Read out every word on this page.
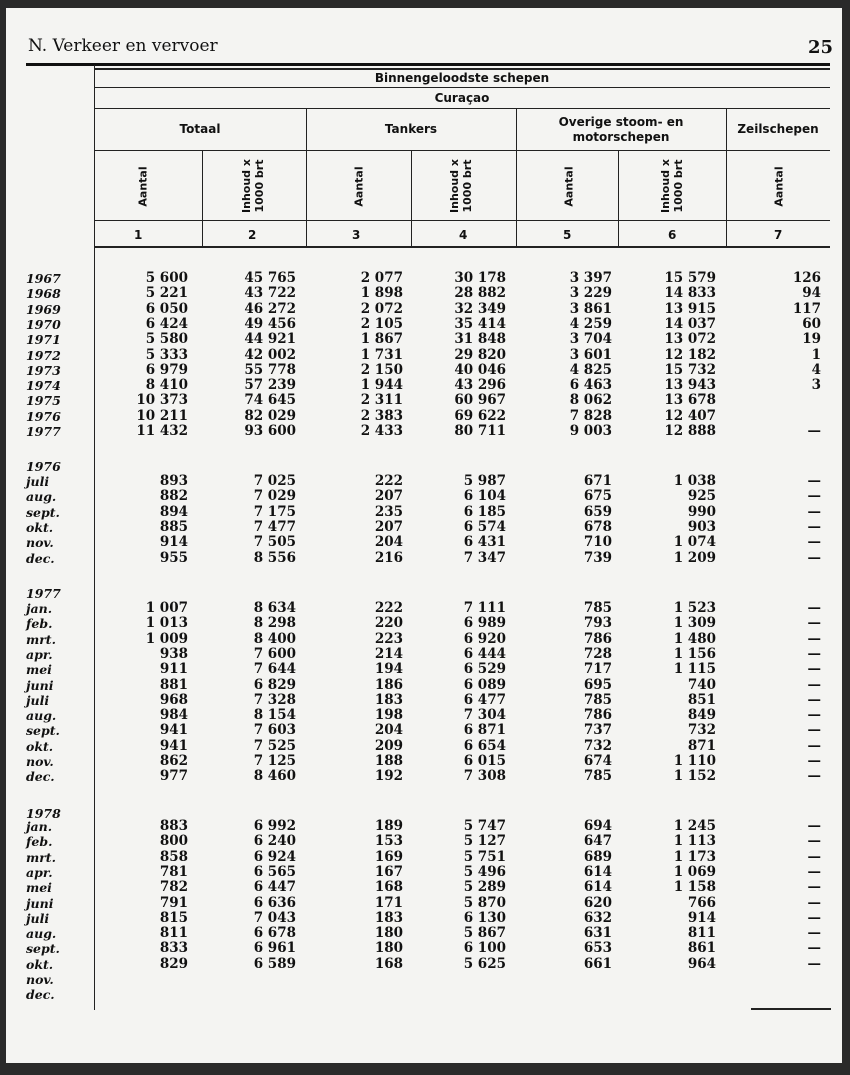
N. Verkeer en vervoer	25
Binnengeloodste schepen
Curaçao
Totaal	Tankers	Overige stoom- en motorschepen
Zeilschepen
Aantal	Inhoud x 1000 brt	Aantal	Inhoud x 1000 brt	Aantal	Inhoud x 1000 brt	Aantal
1	2	3	4	5	6	7
1967	5 600	45 765	2 077	30 178	3 397	15 579	126
1968	5 221	43 722	1 898	28 882	3 229	14 833	94
1969	6 050	46 272	2 072	32 349	3 861	13 915	117
1970	6 424	49 456	2 105	35 414	4 259	14 037	60
1971	5 580	44 921	1 867	31 848	3 704	13 072	19
1972	5 333	42 002	1 731	29 820	3 601	12 182	1
1973	6 979	55 778	2 150	40 046	4 825	15 732	4
1974	8 410	57 239	1 944	43 296	6 463	13 943	3
1975	10 373	74 645	2 311	60 967	8 062	13 678
1976	10 211	82 029	2 383	69 622	7 828	12 407
1977	11 432	93 600	2 433	80 711	9 003	12 888	—
1976
juli	893	7 025	222	5 987	671	1 038	—
aug.	882	7 029	207	6 104	675	925	—
sept.	894	7 175	235	6 185	659	990	—
okt.	885	7 477	207	6 574	678	903	—
nov.	914	7 505	204	6 431	710	1 074	—
dec.	955	8 556	216	7 347	739	1 209	—
1977
jan.	1 007	8 634	222	7 111	785	1 523	—
feb.	1 013	8 298	220	6 989	793	1 309	—
mrt.	1 009	8 400	223	6 920	786	1 480	—
apr.	938	7 600	214	6 444	728	1 156	—
mei	911	7 644	194	6 529	717	1 115	—
juni	881	6 829	186	6 089	695	740	—
juli	968	7 328	183	6 477	785	851	—
aug.	984	8 154	198	7 304	786	849	—
sept.	941	7 603	204	6 871	737	732	—
okt.	941	7 525	209	6 654	732	871	—
nov.	862	7 125	188	6 015	674	1 110	—
dec.	977	8 460	192	7 308	785	1 152	—
1978
jan.	883	6 992	189	5 747	694	1 245	—
feb.	800	6 240	153	5 127	647	1 113	—
mrt.	858	6 924	169	5 751	689	1 173	—
apr.	781	6 565	167	5 496	614	1 069	—
mei	782	6 447	168	5 289	614	1 158	—
juni	791	6 636	171	5 870	620	766	—
juli	815	7 043	183	6 130	632	914	—
aug.	811	6 678	180	5 867	631	811	—
sept.	833	6 961	180	6 100	653	861	—
okt.	829	6 589	168	5 625	661	964	—
nov.
dec.
